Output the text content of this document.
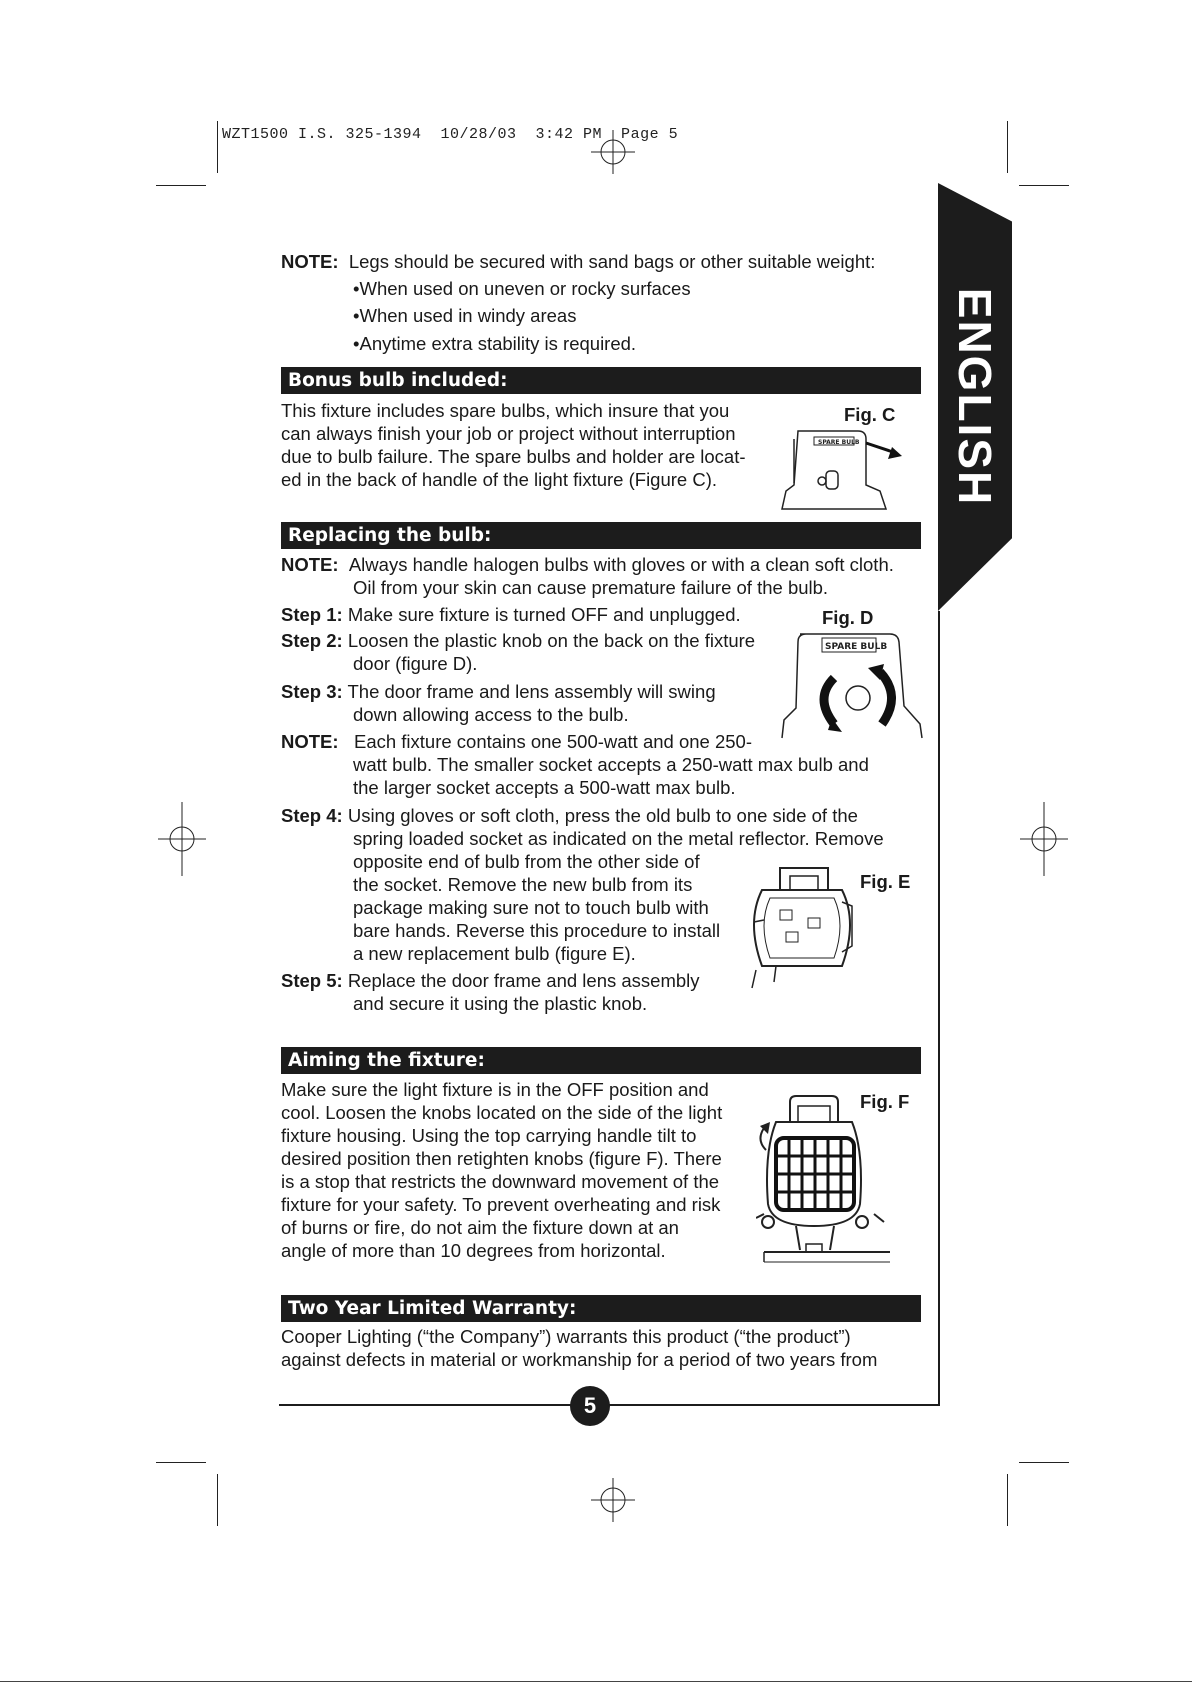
WZT1500 I.S. 325-1394  10/28/03  3:42 PM  Page 5
ENGLISH
NOTE: Legs should be secured with sand bags or other suitable weight:
•When used on uneven or rocky surfaces
•When used in windy areas
•Anytime extra stability is required.
Bonus bulb included:
This fixture includes spare bulbs, which insure that you
can always finish your job or project without interruption
due to bulb failure. The spare bulbs and holder are locat-
ed in the back of handle of the light fixture (Figure C).
Fig. C
SPARE BULB
Replacing the bulb:
NOTE: Always handle halogen bulbs with gloves or with a clean soft cloth.
Oil from your skin can cause premature failure of the bulb.
Step 1: Make sure fixture is turned OFF and unplugged.
Step 2: Loosen the plastic knob on the back on the fixture
door (figure D).
Step 3: The door frame and lens assembly will swing
down allowing access to the bulb.
NOTE: Each fixture contains one 500-watt and one 250-
watt bulb. The smaller socket accepts a 250-watt max bulb and
the larger socket accepts a 500-watt max bulb.
Step 4: Using gloves or soft cloth, press the old bulb to one side of the
spring loaded socket as indicated on the metal reflector. Remove
opposite end of bulb from the other side of
the socket. Remove the new bulb from its
package making sure not to touch bulb with
bare hands. Reverse this procedure to install
a new replacement bulb (figure E).
Step 5: Replace the door frame and lens assembly
and secure it using the plastic knob.
Fig. D
SPARE BULB
Fig. E
Aiming the fixture:
Make sure the light fixture is in the OFF position and
cool. Loosen the knobs located on the side of the light
fixture housing. Using the top carrying handle tilt to
desired position then retighten knobs (figure F). There
is a stop that restricts the downward movement of the
fixture for your safety. To prevent overheating and risk
of burns or fire, do not aim the fixture down at an
angle of more than 10 degrees from horizontal.
Fig. F
Two Year Limited Warranty:
Cooper Lighting (“the Company”) warrants this product (“the product”)
against defects in material or workmanship for a period of two years from
5
